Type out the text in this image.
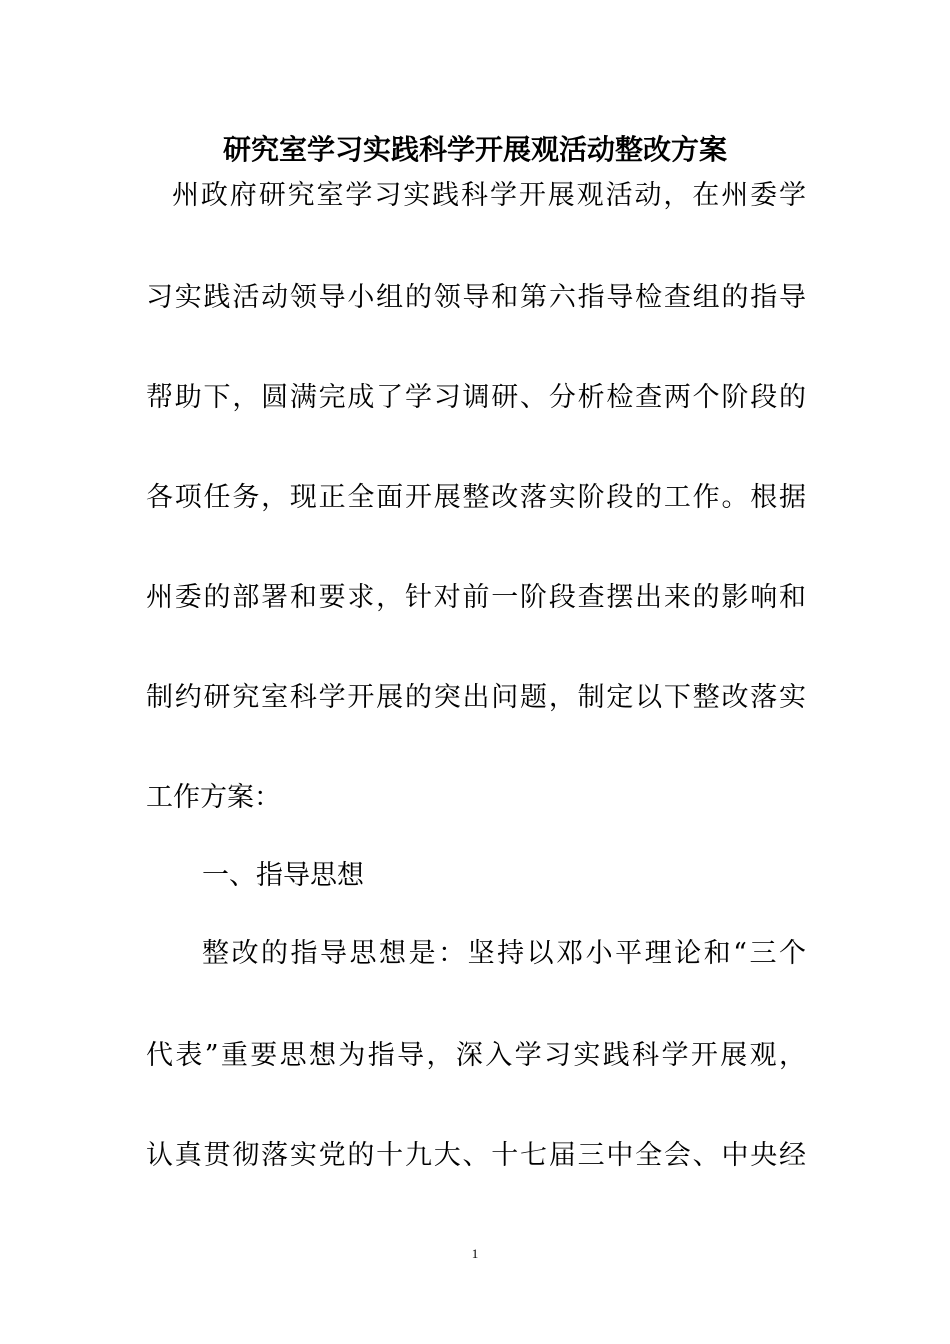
研究室学习实践科学开展观活动整改方案
州政府研究室学习实践科学开展观活动，在州委学
习实践活动领导小组的领导和第六指导检查组的指导
帮助下，圆满完成了学习调研、分析检查两个阶段的
各项任务，现正全面开展整改落实阶段的工作。根据
州委的部署和要求，针对前一阶段查摆出来的影响和
制约研究室科学开展的突出问题，制定以下整改落实
工作方案：
一、指导思想
整改的指导思想是：坚持以邓小平理论和“三个
代表”重要思想为指导，深入学习实践科学开展观，
认真贯彻落实党的十九大、十七届三中全会、中央经
1
